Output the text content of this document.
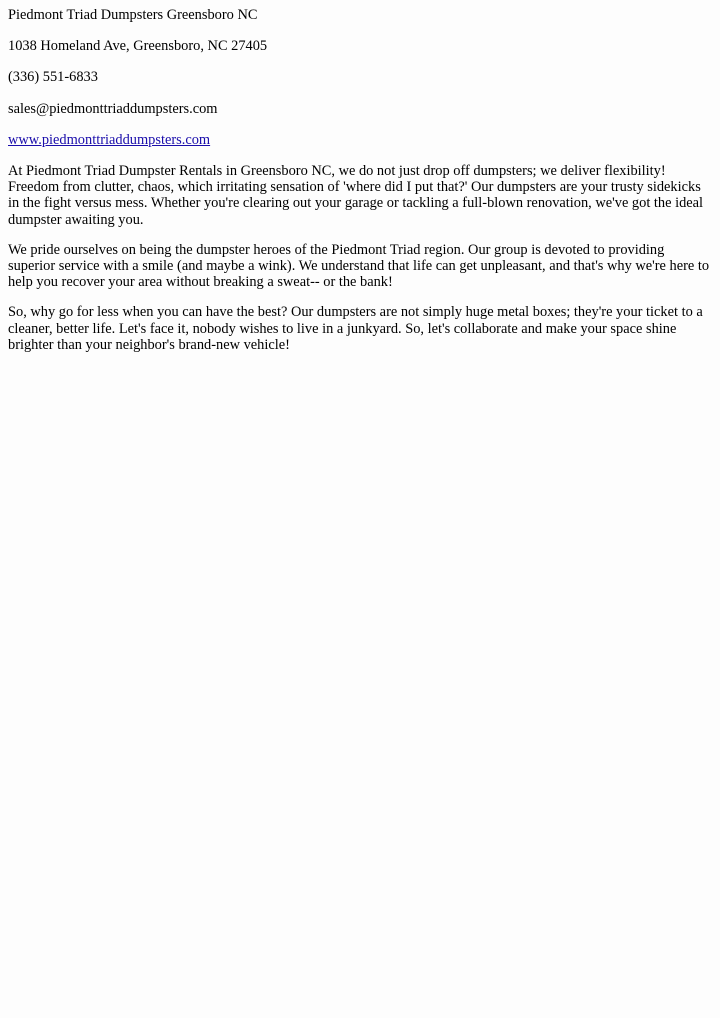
Piedmont Triad Dumpsters Greensboro NC
1038 Homeland Ave, Greensboro, NC 27405
(336) 551-6833
sales@piedmonttriaddumpsters.com
www.piedmonttriaddumpsters.com

At Piedmont Triad Dumpster Rentals in Greensboro NC, we do not just drop off dumpsters; we deliver flexibility! Freedom from clutter, chaos, which irritating sensation of 'where did I put that?' Our dumpsters are your trusty sidekicks in the fight versus mess. Whether you're clearing out your garage or tackling a full-blown renovation, we've got the ideal dumpster awaiting you.

We pride ourselves on being the dumpster heroes of the Piedmont Triad region. Our group is devoted to providing superior service with a smile (and maybe a wink). We understand that life can get unpleasant, and that's why we're here to help you recover your area without breaking a sweat-- or the bank!

So, why go for less when you can have the best? Our dumpsters are not simply huge metal boxes; they're your ticket to a cleaner, better life. Let's face it, nobody wishes to live in a junkyard. So, let's collaborate and make your space shine brighter than your neighbor's brand-new vehicle!
